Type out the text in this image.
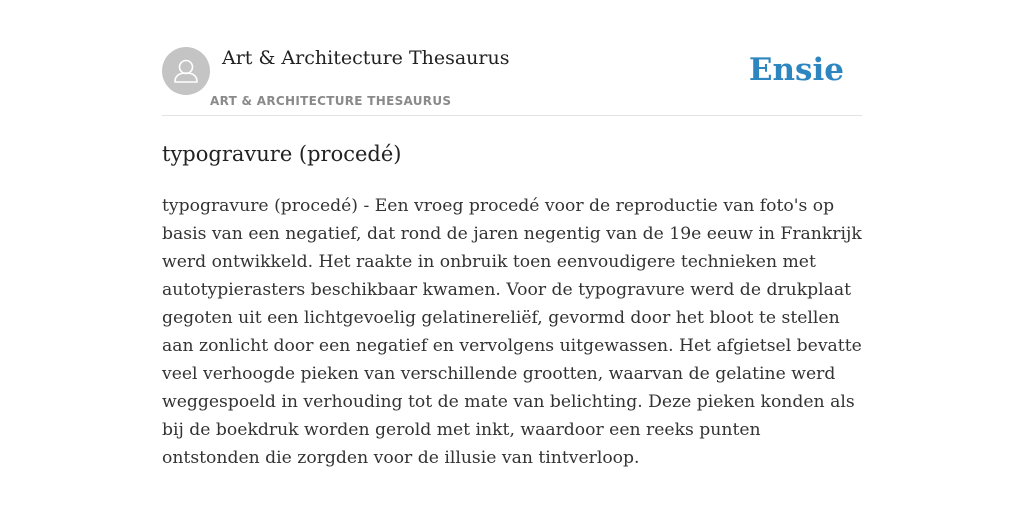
Art & Architecture Thesaurus
ART & ARCHITECTURE THESAURUS
Ensie
typogravure (procedé)

typogravure (procedé) - Een vroeg procedé voor de reproductie van foto's op basis van een negatief, dat rond de jaren negentig van de 19e eeuw in Frankrijk werd ontwikkeld. Het raakte in onbruik toen eenvoudigere technieken met autotypierasters beschikbaar kwamen. Voor de typogravure werd de drukplaat gegoten uit een lichtgevoelig gelatinereliëf, gevormd door het bloot te stellen aan zonlicht door een negatief en vervolgens uitgewassen. Het afgietsel bevatte veel verhoogde pieken van verschillende grootten, waarvan de gelatine werd weggespoeld in verhouding tot de mate van belichting. Deze pieken konden als bij de boekdruk worden gerold met inkt, waardoor een reeks punten ontstonden die zorgden voor de illusie van tintverloop.
